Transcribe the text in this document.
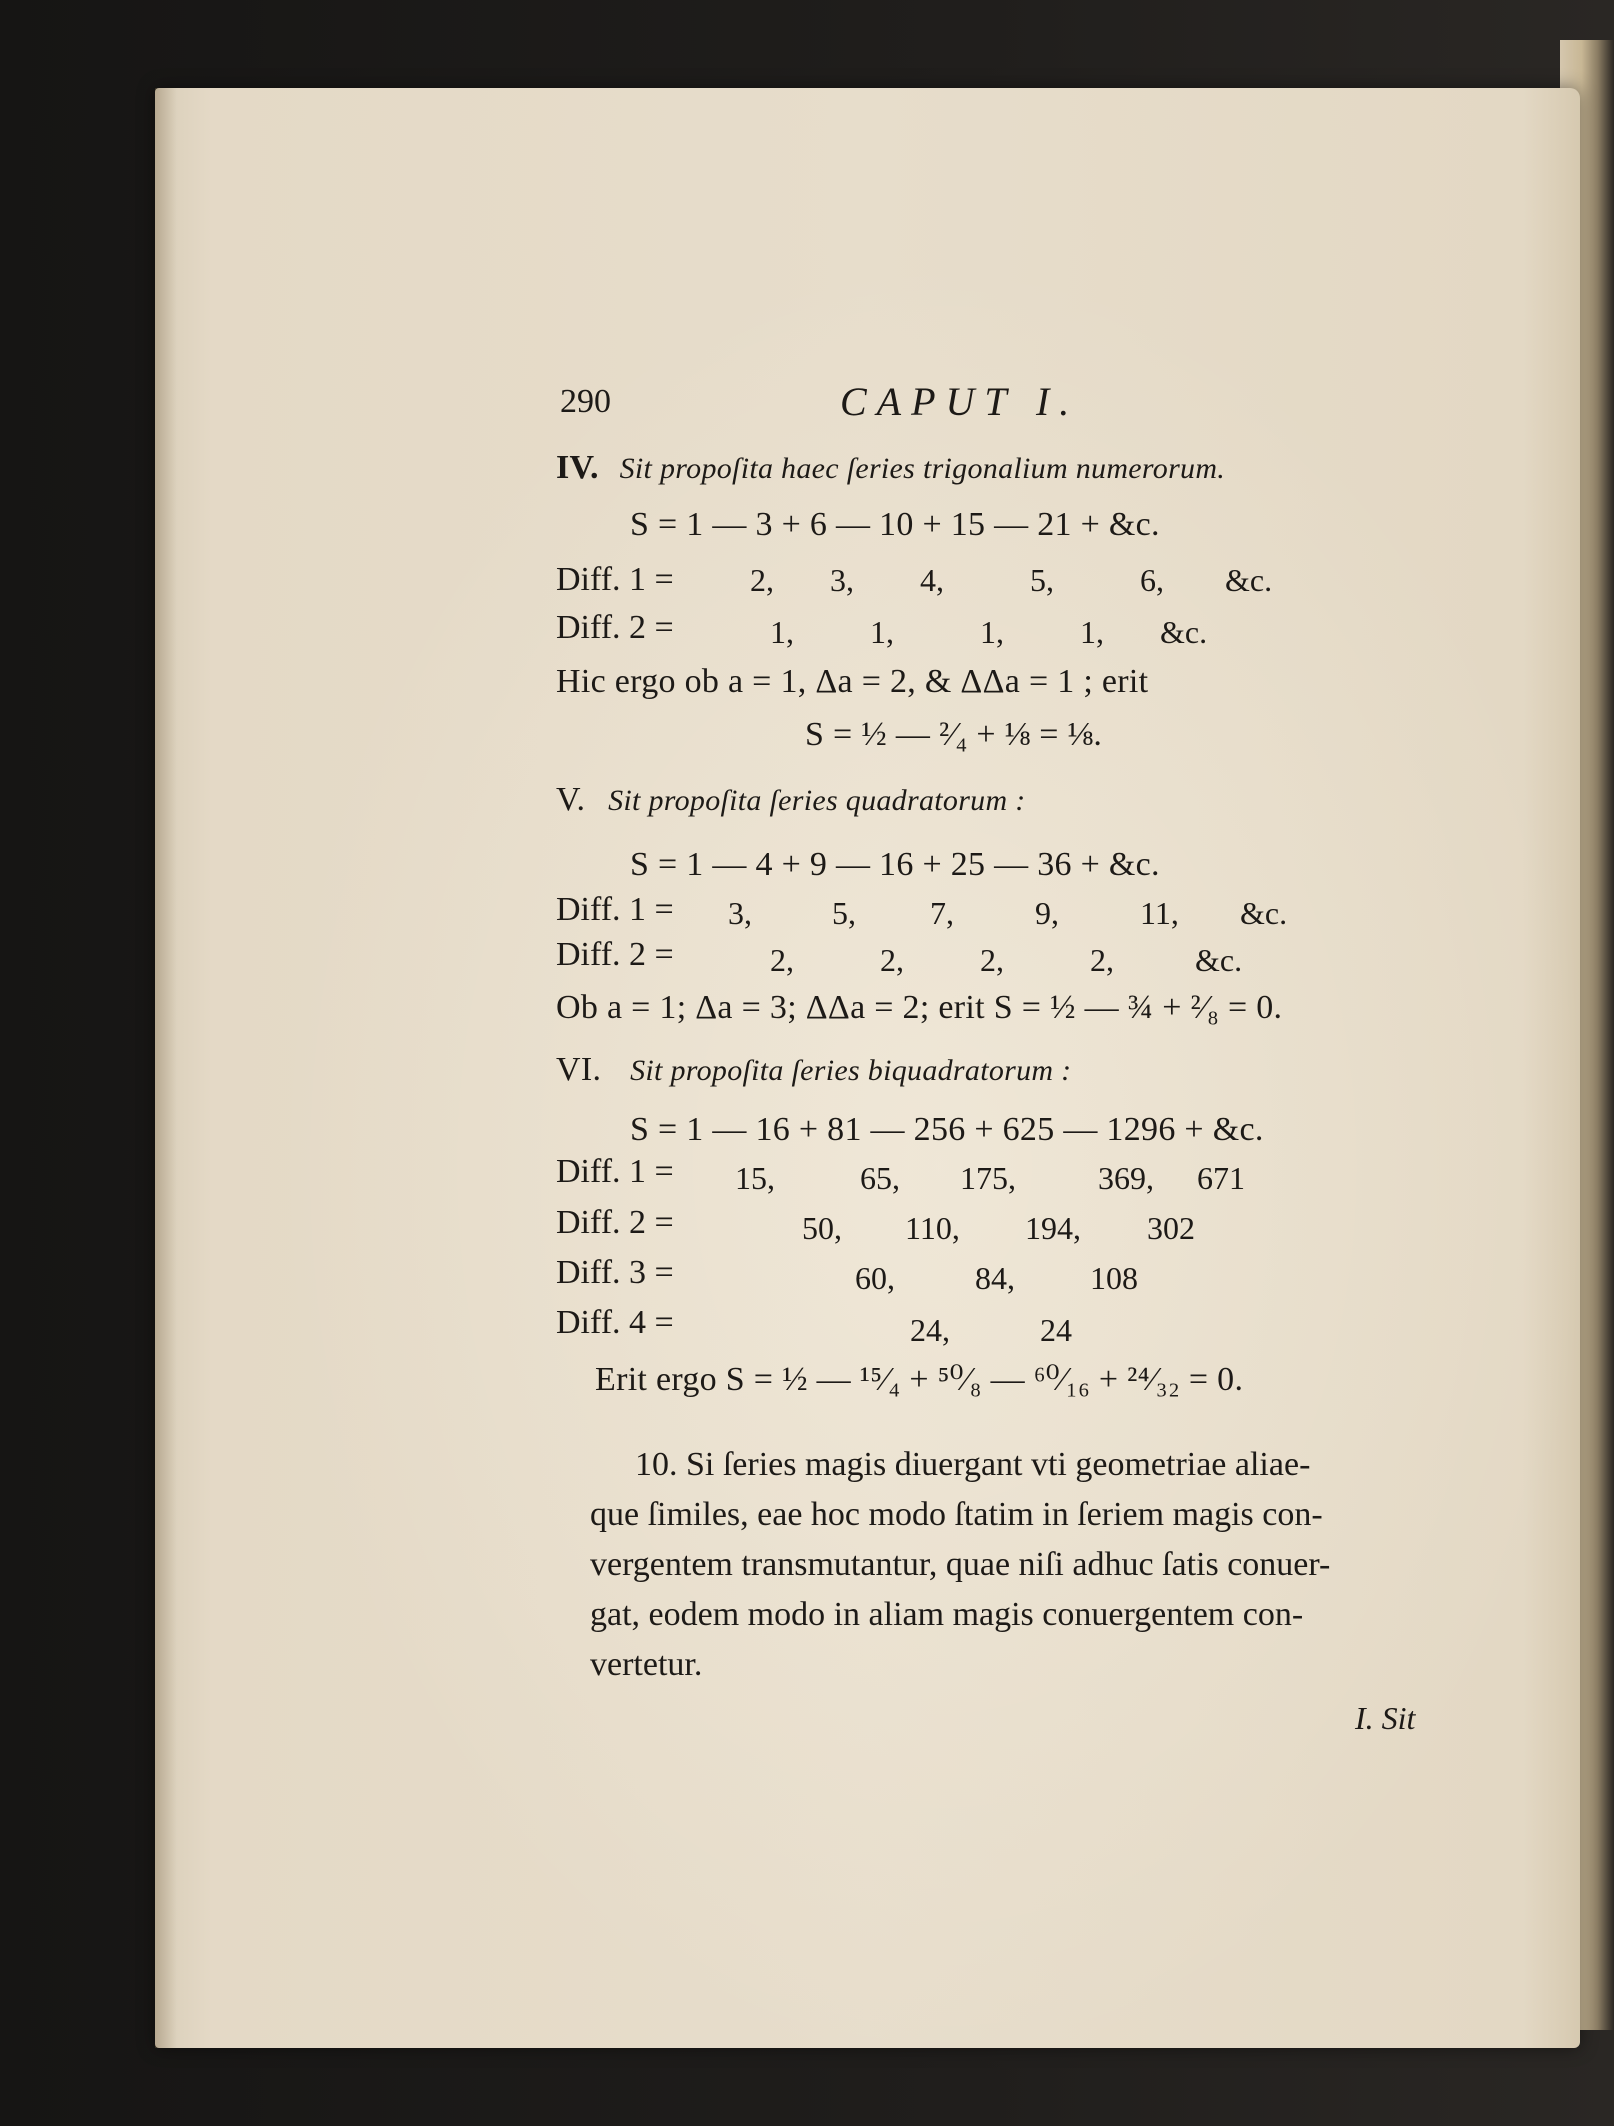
290	CAPUT I.
IV. Sit propoſita haec ſeries trigonalium numerorum.
S = 1 — 3 + 6 — 10 + 15 — 21 + &c.
Diff. 1 = 2, 3, 4,	5,	6, &c.
Diff. 2 =	1, 1,	1, 1, &c.
Hic ergo ob a = 1, Δa = 2, & ΔΔa = 1 ; erit
S = ½ — ²⁄₄ + ⅛ = ⅛.
V. Sit propoſita ſeries quadratorum :
S = 1 — 4 + 9 — 16 + 25 — 36 + &c.
Diff. 1 = 3,	5, 7,	9,	11, &c.
Diff. 2 =	2,	2, 2,	2,	&c.
Ob a = 1; Δa = 3; ΔΔa = 2; erit S = ½ — ¾ + ²⁄₈ = 0.
VI. Sit propoſita ſeries biquadratorum :
S = 1 — 16 + 81 — 256 + 625 — 1296 + &c.
Diff. 1 = 15,	65, 175,	369, 671
Diff. 2 =	50, 110, 194, 302
Diff. 3 =	60,	84, 108
Diff. 4 =	24,	24
Erit ergo S = ½ — ¹⁵⁄₄ + ⁵⁰⁄₈ — ⁶⁰⁄₁₆ + ²⁴⁄₃₂ = 0.
10. Si ſeries magis diuergant vti geometriae aliae-
que ſimiles, eae hoc modo ſtatim in ſeriem magis con-
vergentem transmutantur, quae niſi adhuc ſatis conuer-
gat, eodem modo in aliam magis conuergentem con-
vertetur.
I. Sit
